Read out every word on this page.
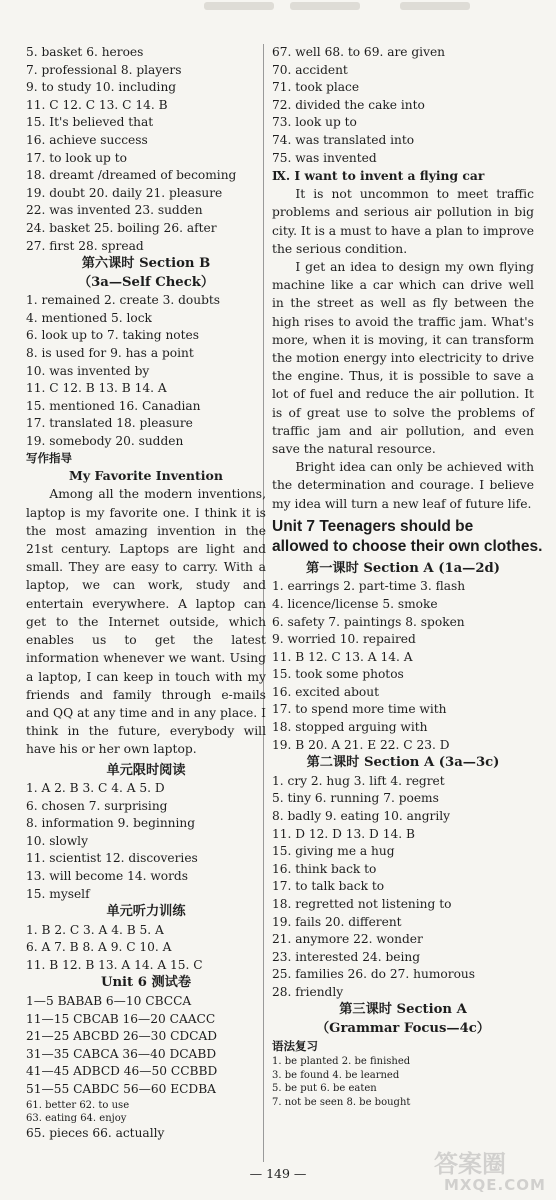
5. basket 6. heroes
7. professional 8. players
9. to study 10. including
11. C 12. C 13. C 14. B
15. It's believed that
16. achieve success
17. to look up to
18. dreamt /dreamed of becoming
19. doubt 20. daily 21. pleasure
22. was invented 23. sudden
24. basket 25. boiling 26. after
27. first 28. spread
第六课时 Section B
（3a—Self Check）
1. remained 2. create 3. doubts
4. mentioned 5. lock
6. look up to 7. taking notes
8. is used for 9. has a point
10. was invented by
11. C 12. B 13. B 14. A
15. mentioned 16. Canadian
17. translated 18. pleasure
19. somebody 20. sudden
写作指导
My Favorite Invention

Among all the modern inventions, laptop is my favorite one. I think it is the most amazing invention in the 21st century. Laptops are light and small. They are easy to carry. With a laptop, we can work, study and entertain everywhere. A laptop can get to the Internet outside, which enables us to get the latest information whenever we want. Using a laptop, I can keep in touch with my friends and family through e-mails and QQ at any time and in any place. I think in the future, everybody will have his or her own laptop.

单元限时阅读
1. A 2. B 3. C 4. A 5. D
6. chosen 7. surprising
8. information 9. beginning
10. slowly
11. scientist 12. discoveries
13. will become 14. words
15. myself
单元听力训练
1. B 2. C 3. A 4. B 5. A
6. A 7. B 8. A 9. C 10. A
11. B 12. B 13. A 14. A 15. C
Unit 6 测试卷
1—5 BABAB 6—10 CBCCA
11—15 CBCAB 16—20 CAACC
21—25 ABCBD 26—30 CDCAD
31—35 CABCA 36—40 DCABD
41—45 ADBCD 46—50 CCBBD
51—55 CABDC 56—60 ECDBA
61. better 62. to use
63. eating 64. enjoy
65. pieces 66. actually
67. well 68. to 69. are given
70. accident
71. took place
72. divided the cake into
73. look up to
74. was translated into
75. was invented
Ⅸ. I want to invent a flying car

It is not uncommon to meet traffic problems and serious air pollution in big city. It is a must to have a plan to improve the serious condition.

I get an idea to design my own flying machine like a car which can drive well in the street as well as fly between the high rises to avoid the traffic jam. What's more, when it is moving, it can transform the motion energy into electricity to drive the engine. Thus, it is possible to save a lot of fuel and reduce the air pollution. It is of great use to solve the problems of traffic jam and air pollution, and even save the natural resource.

Bright idea can only be achieved with the determination and courage. I believe my idea will turn a new leaf of future life.

Unit 7 Teenagers should be
allowed to choose their own clothes.
第一课时 Section A (1a—2d)
1. earrings 2. part-time 3. flash
4. licence/license 5. smoke
6. safety 7. paintings 8. spoken
9. worried 10. repaired
11. B 12. C 13. A 14. A
15. took some photos
16. excited about
17. to spend more time with
18. stopped arguing with
19. B 20. A 21. E 22. C 23. D
第二课时 Section A (3a—3c)
1. cry 2. hug 3. lift 4. regret
5. tiny 6. running 7. poems
8. badly 9. eating 10. angrily
11. D 12. D 13. D 14. B
15. giving me a hug
16. think back to
17. to talk back to
18. regretted not listening to
19. fails 20. different
21. anymore 22. wonder
23. interested 24. being
25. families 26. do 27. humorous
28. friendly
第三课时 Section A
（Grammar Focus—4c）
语法复习
1. be planted 2. be finished
3. be found 4. be learned
5. be put 6. be eaten
7. not be seen 8. be bought
— 149 —	答案圈
MXQE.COM
